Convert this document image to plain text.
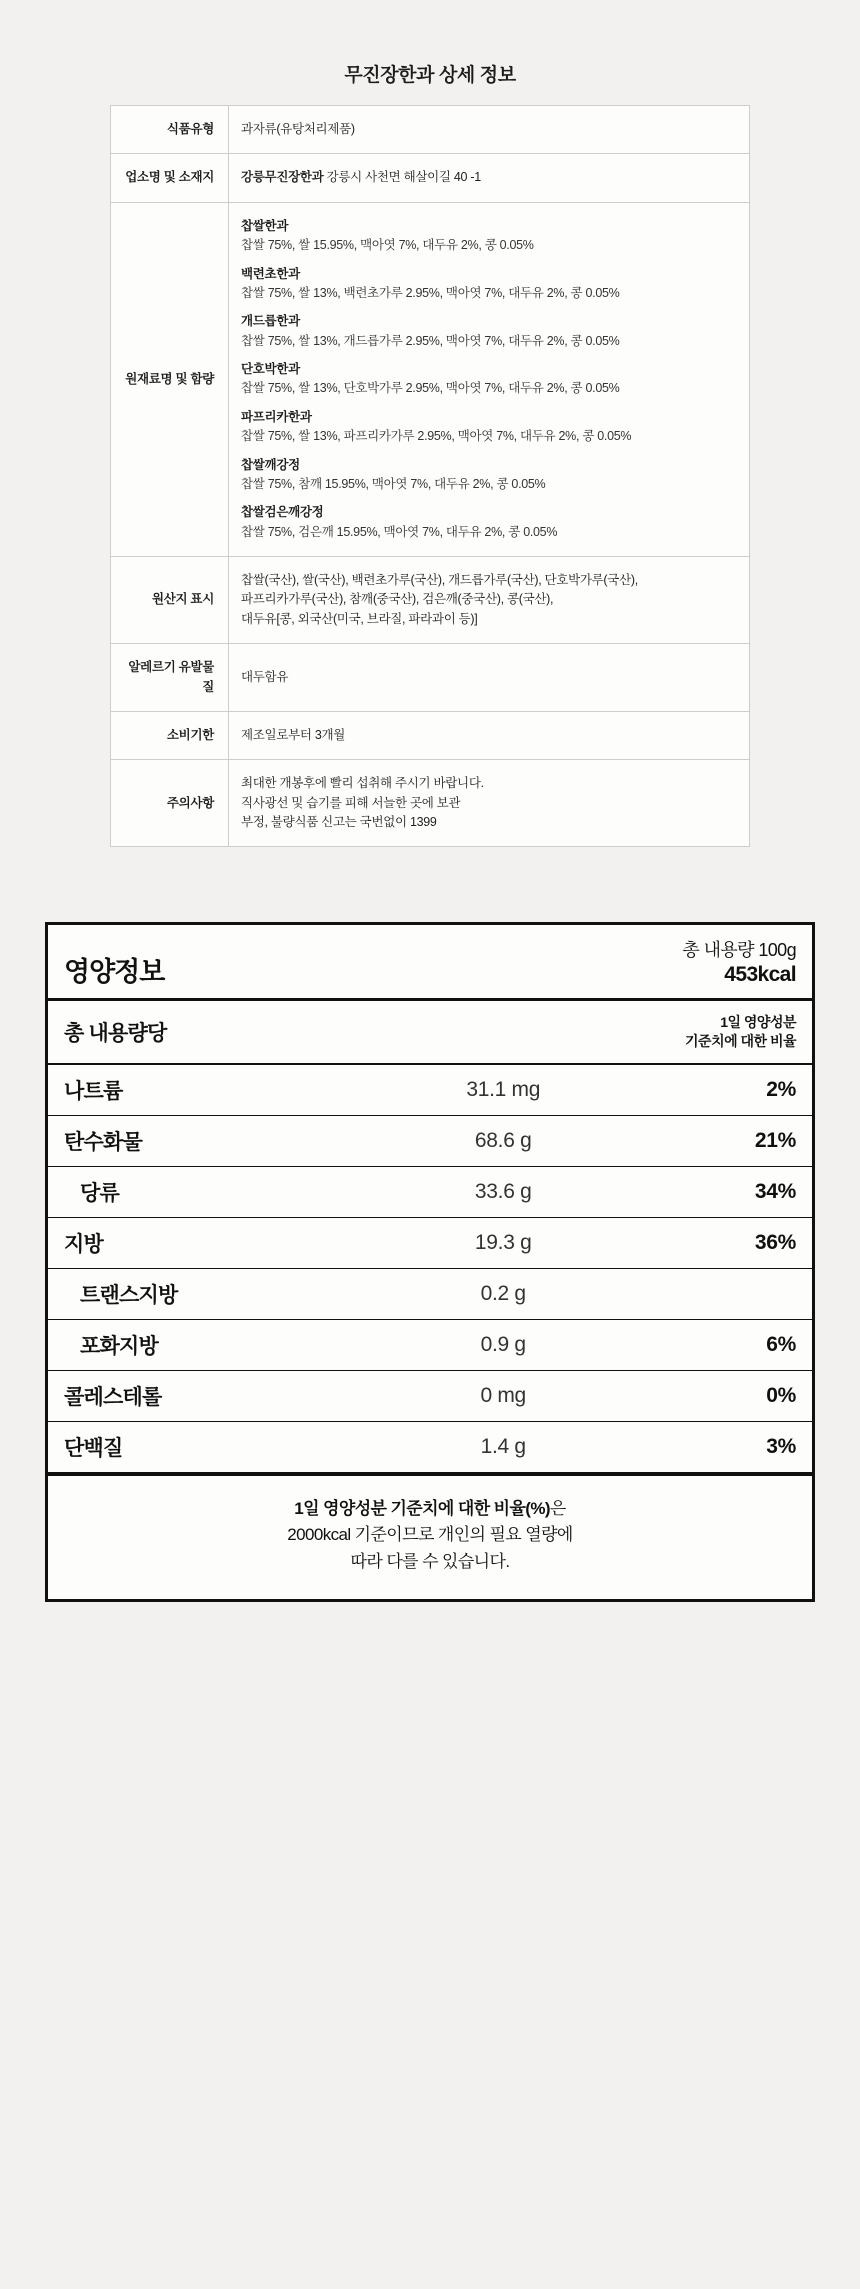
무진장한과 상세 정보
식품유형	과자류(유탕처리제품)
업소명 및 소재지	강릉무진장한과 강릉시 사천면 해살이길 40 -1
원재료명 및 함량	
찹쌀한과
찹쌀 75%, 쌀 15.95%, 맥아엿 7%, 대두유 2%, 콩 0.05%
백련초한과
찹쌀 75%, 쌀 13%, 백련초가루 2.95%, 맥아엿 7%, 대두유 2%, 콩 0.05%
개드릅한과
찹쌀 75%, 쌀 13%, 개드릅가루 2.95%, 맥아엿 7%, 대두유 2%, 콩 0.05%
단호박한과
찹쌀 75%, 쌀 13%, 단호박가루 2.95%, 맥아엿 7%, 대두유 2%, 콩 0.05%
파프리카한과
찹쌀 75%, 쌀 13%, 파프리카가루 2.95%, 맥아엿 7%, 대두유 2%, 콩 0.05%
찹쌀깨강정
찹쌀 75%, 참깨 15.95%, 맥아엿 7%, 대두유 2%, 콩 0.05%
찹쌀검은깨강정
찹쌀 75%, 검은깨 15.95%, 맥아엿 7%, 대두유 2%, 콩 0.05%

원산지 표시	찹쌀(국산), 쌀(국산), 백련초가루(국산), 개드릅가루(국산), 단호박가루(국산),
파프리카가루(국산), 참깨(중국산), 검은깨(중국산), 콩(국산),
대두유[콩, 외국산(미국, 브라질, 파라과이 등)]

알레르기 유발물질	대두함유
소비기한	제조일로부터 3개월
주의사항	최대한 개봉후에 빨리 섭취해 주시기 바랍니다.
직사광선 및 습기를 피해 서늘한 곳에 보관
부정, 불량식품 신고는 국번없이 1399
영양정보
총 내용량 100g
453kcal
총 내용량당	1일 영양성분
기준치에 대한 비율
나트륨	31.1 mg	2%
탄수화물	68.6 g	21%
당류	33.6 g	34%
지방	19.3 g	36%
트랜스지방	0.2 g
포화지방	0.9 g	6%
콜레스테롤	0 mg	0%
단백질	1.4 g	3%
1일 영양성분 기준치에 대한 비율(%)은
2000kcal 기준이므로 개인의 필요 열량에
따라 다를 수 있습니다.
